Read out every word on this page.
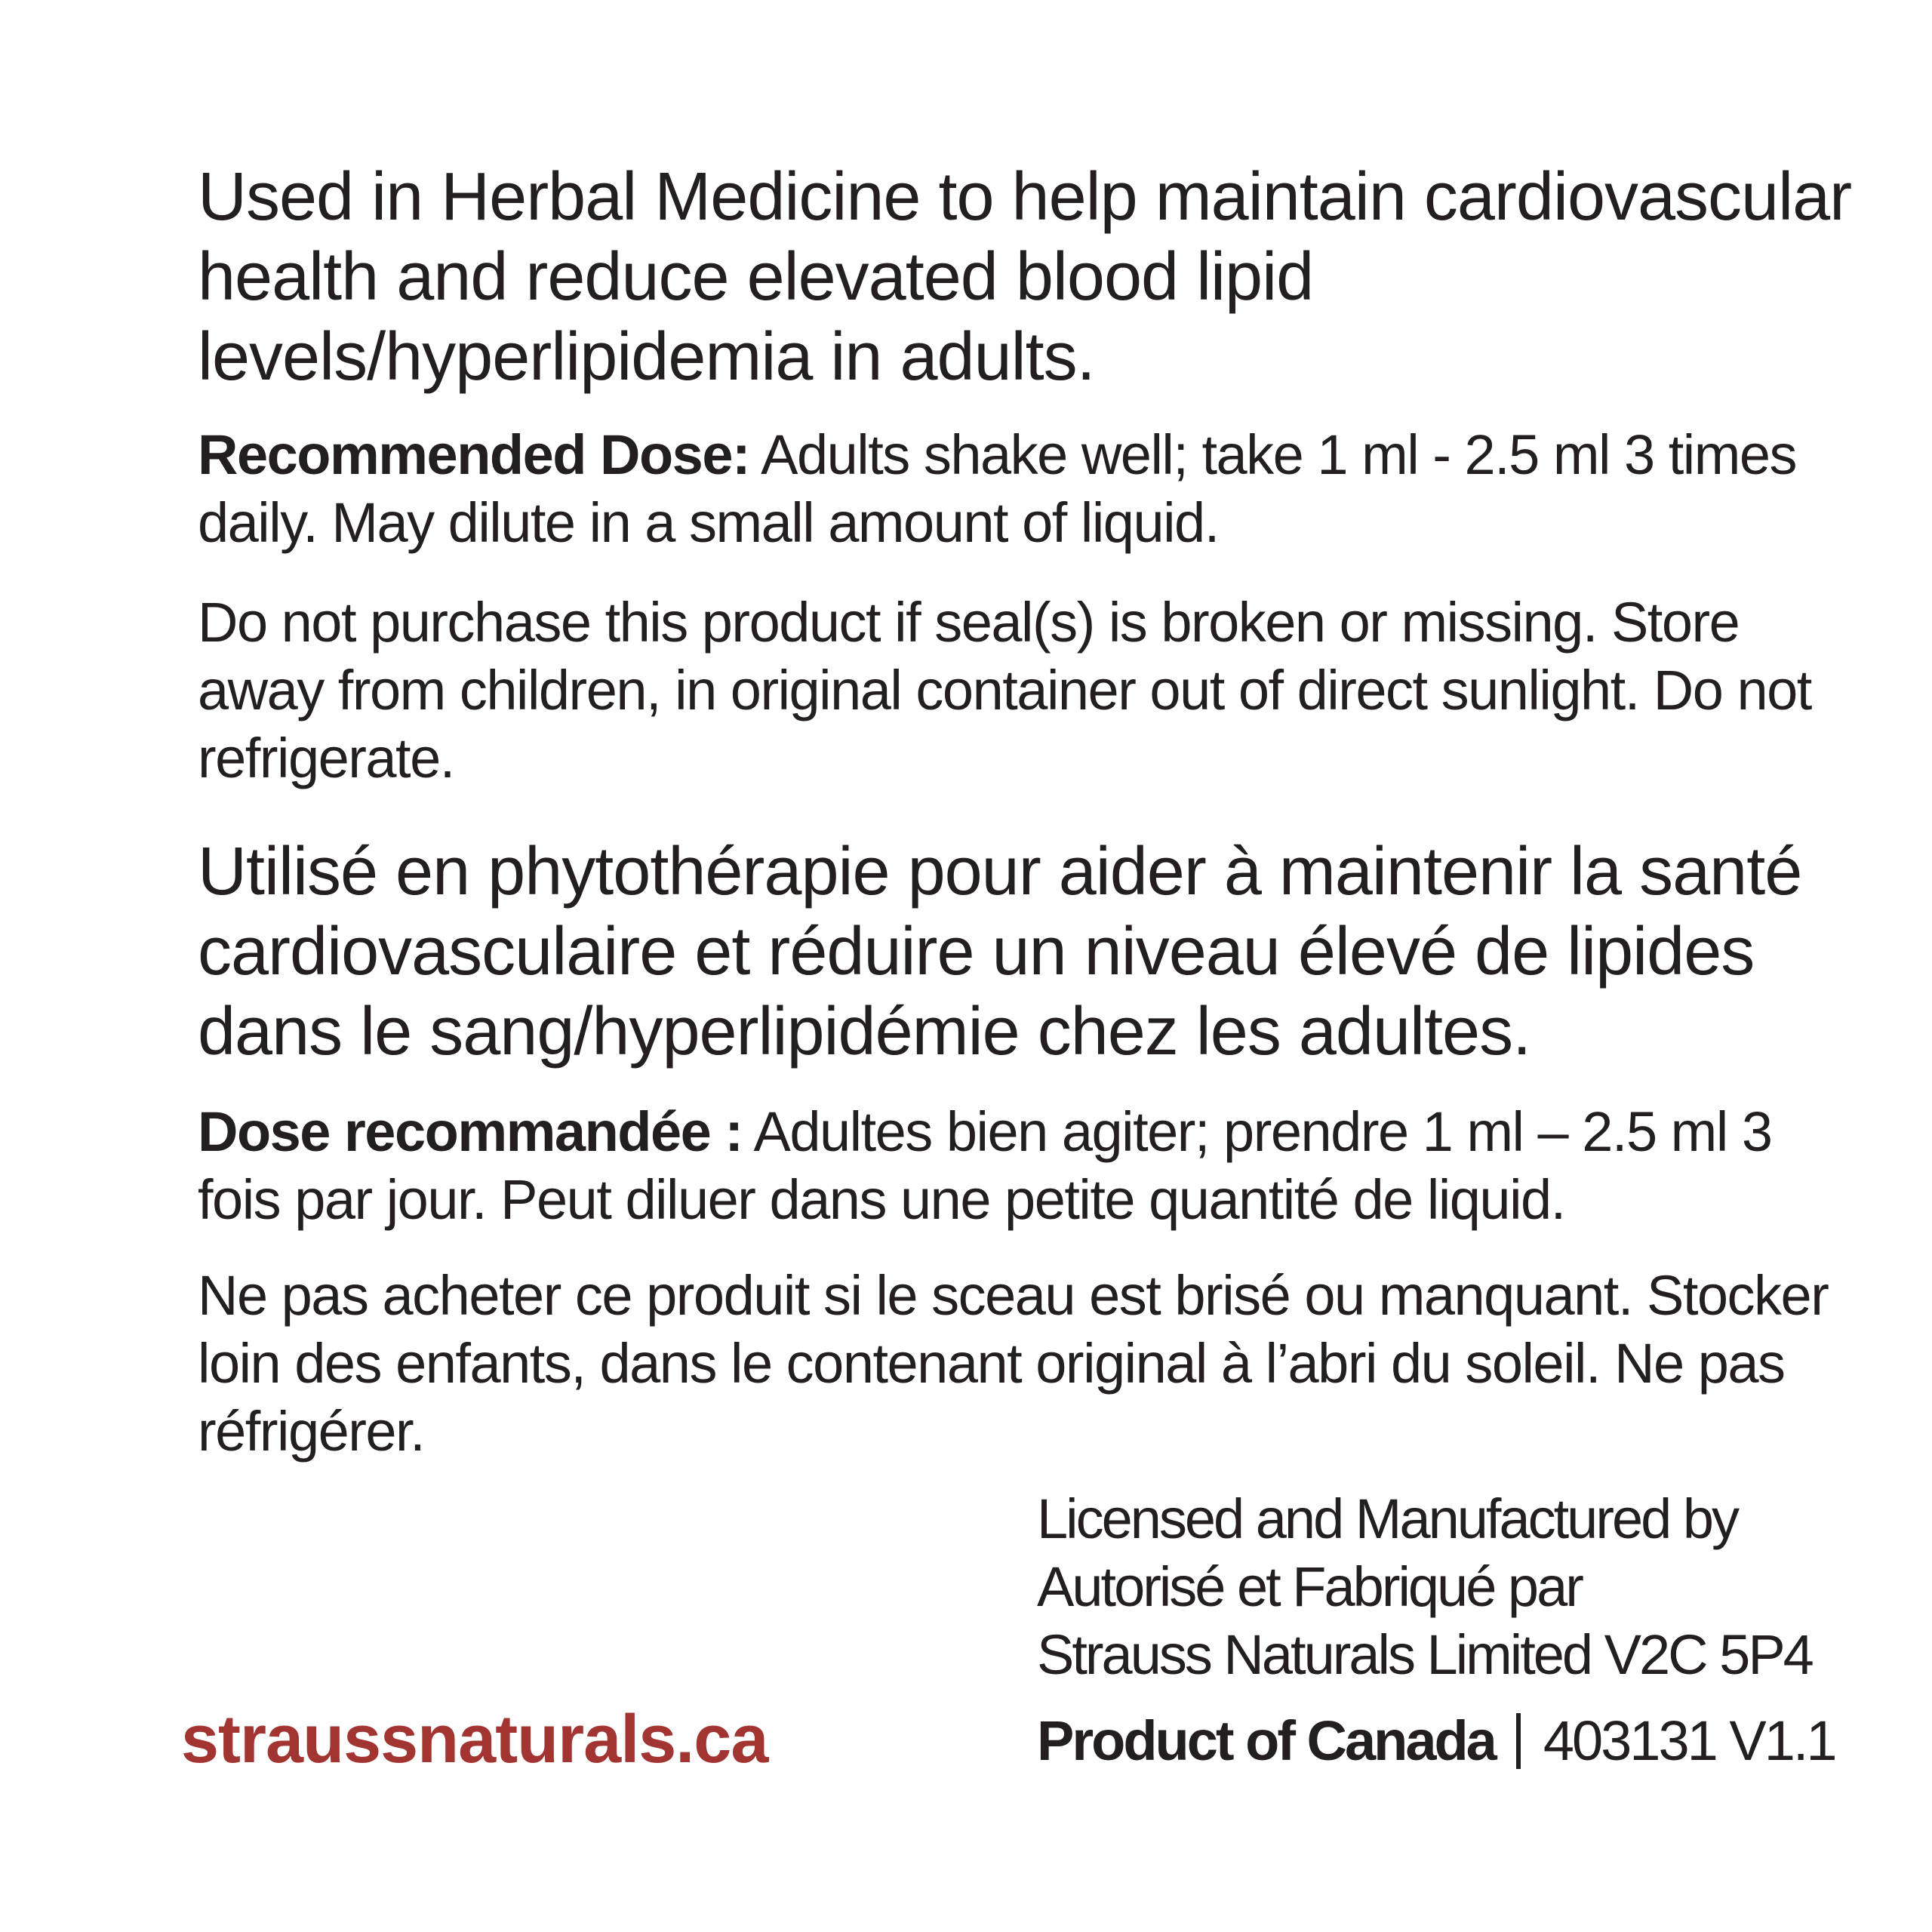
Used in Herbal Medicine to help maintain cardiovascular health and reduce elevated blood lipid levels/hyperlipidemia in adults.

Recommended Dose: Adults shake well; take 1 ml - 2.5 ml 3 times daily. May dilute in a small amount of liquid.

Do not purchase this product if seal(s) is broken or missing. Store away from children, in original container out of direct sunlight. Do not refrigerate.

Utilisé en phytothérapie pour aider à maintenir la santé cardiovasculaire et réduire un niveau élevé de lipides dans le sang/hyperlipidémie chez les adultes.

Dose recommandée : Adultes bien agiter; prendre 1 ml – 2.5 ml 3 fois par jour. Peut diluer dans une petite quantité de liquid.

Ne pas acheter ce produit si le sceau est brisé ou manquant. Stocker loin des enfants, dans le contenant original à l’abri du soleil. Ne pas réfrigérer.

Licensed and Manufactured by
Autorisé et Fabriqué par
Strauss Naturals Limited V2C 5P4

straussnaturals.ca	Product of Canada 403131 V1.1
